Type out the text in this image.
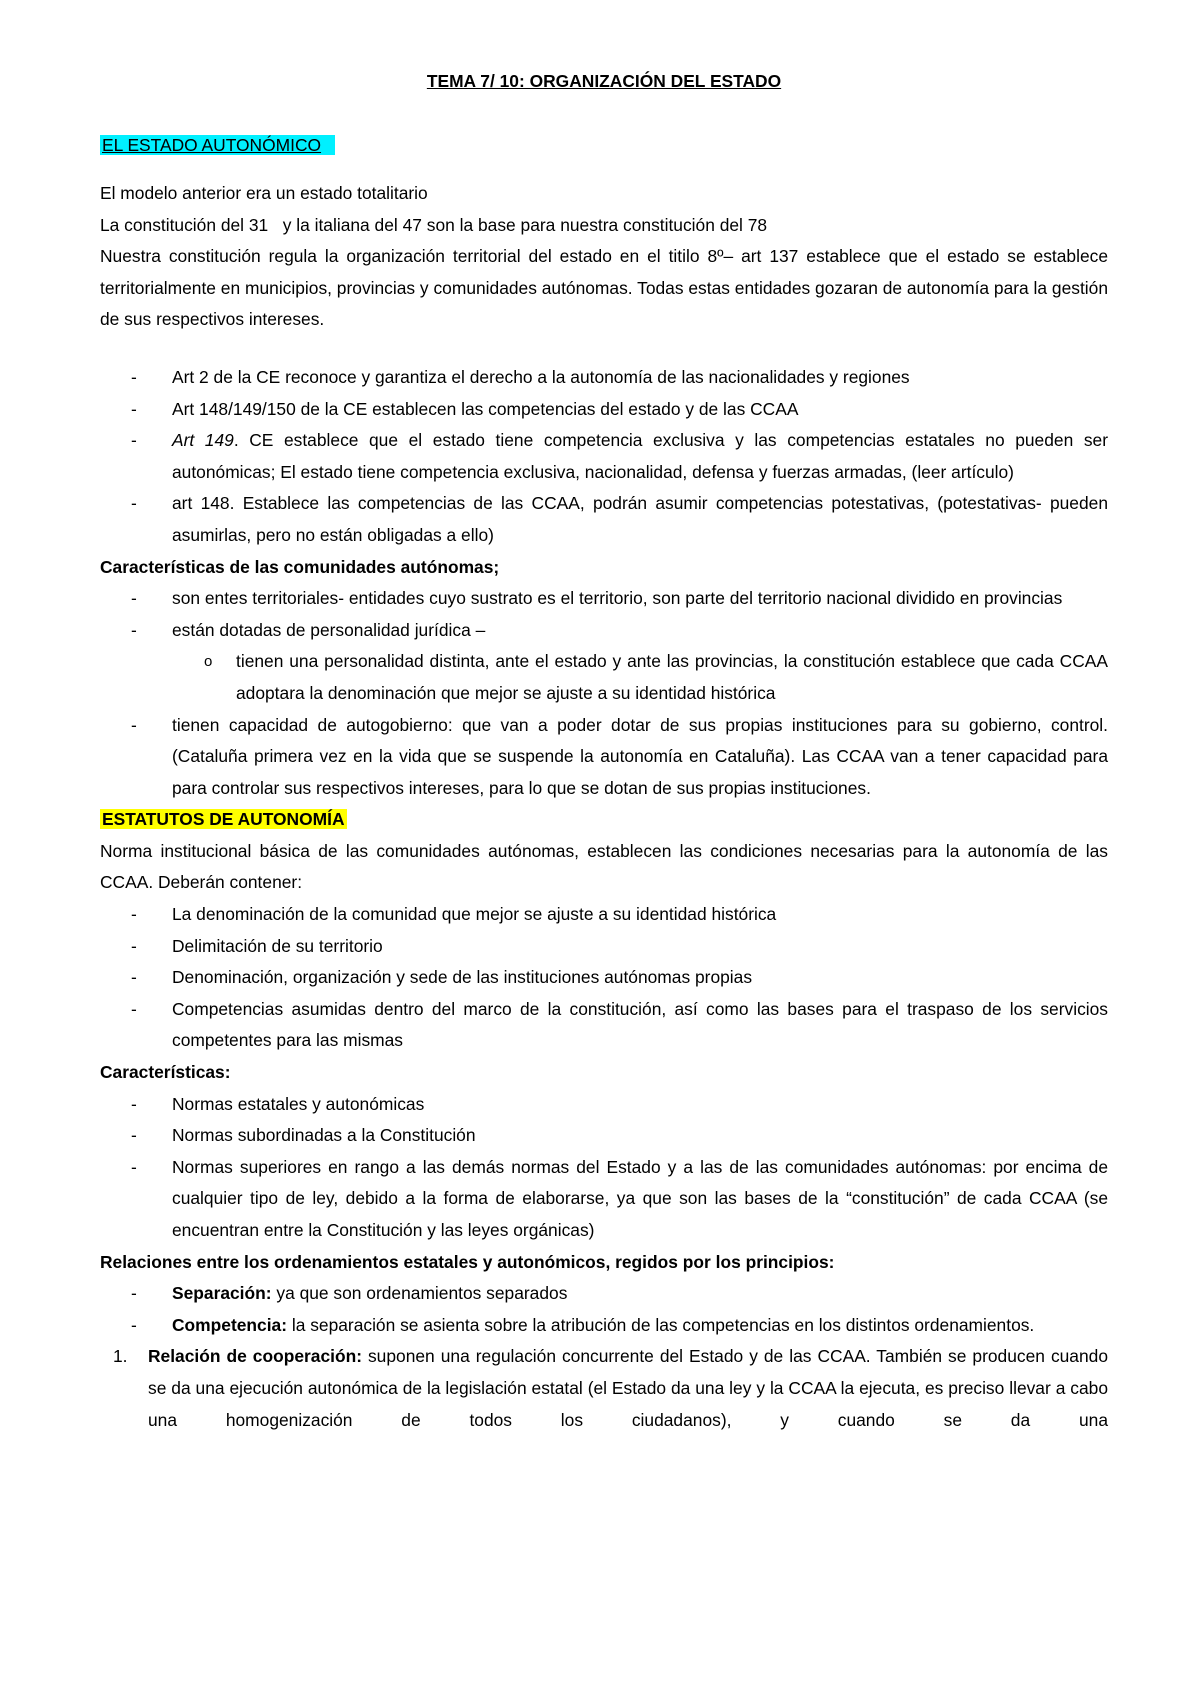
TEMA 7/ 10: ORGANIZACIÓN DEL ESTADO
EL ESTADO AUTONÓMICO

El modelo anterior era un estado totalitario

La constitución del 31   y la italiana del 47 son la base para nuestra constitución del 78

Nuestra constitución regula la organización territorial del estado en el titilo 8º– art 137 establece que el estado se establece territorialmente en municipios, provincias y comunidades autónomas. Todas estas entidades gozaran de autonomía para la gestión de sus respectivos intereses.

- Art 2 de la CE reconoce y garantiza el derecho a la autonomía de las nacionalidades y regiones
- Art 148/149/150 de la CE establecen las competencias del estado y de las CCAA
- Art 149. CE establece que el estado tiene competencia exclusiva y las competencias estatales no pueden ser autonómicas; El estado tiene competencia exclusiva, nacionalidad, defensa y fuerzas armadas, (leer artículo)
- art 148. Establece las competencias de las CCAA, podrán asumir competencias potestativas, (potestativas- pueden asumirlas, pero no están obligadas a ello)

Características de las comunidades autónomas;

- son entes territoriales- entidades cuyo sustrato es el territorio, son parte del territorio nacional dividido en provincias
- están dotadas de personalidad jurídica –
o tienen una personalidad distinta, ante el estado y ante las provincias, la constitución establece que cada CCAA adoptara la denominación que mejor se ajuste a su identidad histórica
- tienen capacidad de autogobierno: que van a poder dotar de sus propias instituciones para su gobierno, control. (Cataluña primera vez en la vida que se suspende la autonomía en Cataluña). Las CCAA van a tener capacidad para para controlar sus respectivos intereses, para lo que se dotan de sus propias instituciones.

ESTATUTOS DE AUTONOMÍA

Norma institucional básica de las comunidades autónomas, establecen las condiciones necesarias para la autonomía de las CCAA. Deberán contener:

- La denominación de la comunidad que mejor se ajuste a su identidad histórica
- Delimitación de su territorio
- Denominación, organización y sede de las instituciones autónomas propias
- Competencias asumidas dentro del marco de la constitución, así como las bases para el traspaso de los servicios competentes para las mismas

Características:

- Normas estatales y autonómicas
- Normas subordinadas a la Constitución
- Normas superiores en rango a las demás normas del Estado y a las de las comunidades autónomas: por encima de cualquier tipo de ley, debido a la forma de elaborarse, ya que son las bases de la “constitución” de cada CCAA (se encuentran entre la Constitución y las leyes orgánicas)

Relaciones entre los ordenamientos estatales y autonómicos, regidos por los principios:

- Separación: ya que son ordenamientos separados
- Competencia: la separación se asienta sobre la atribución de las competencias en los distintos ordenamientos.
1. Relación de cooperación: suponen una regulación concurrente del Estado y de las CCAA. También se producen cuando se da una ejecución autonómica de la legislación estatal (el Estado da una ley y la CCAA la ejecuta, es preciso llevar a cabo una homogenización de todos los ciudadanos), y cuando se da una
